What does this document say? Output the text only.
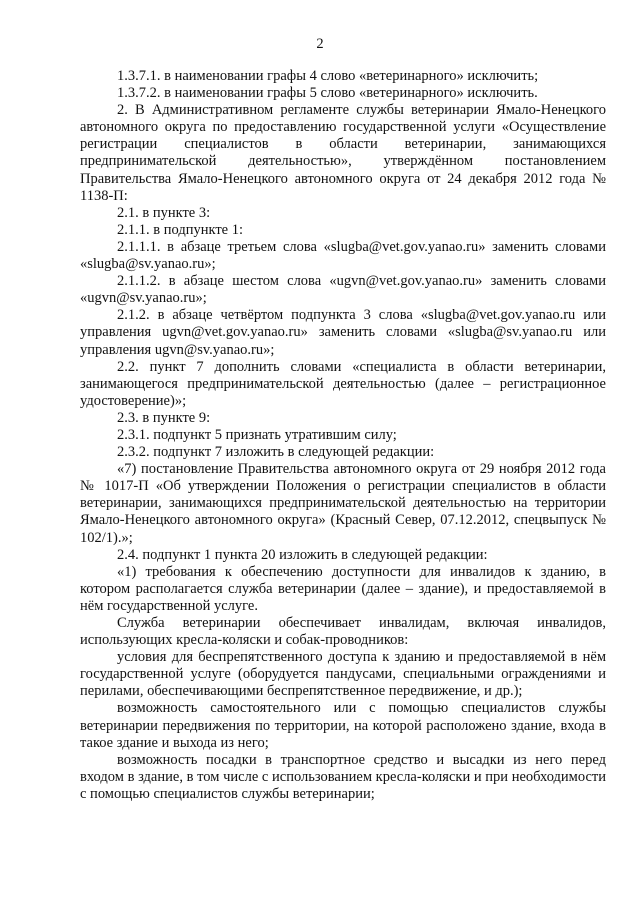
2

1.3.7.1. в наименовании графы 4 слово «ветеринарного» исключить;

1.3.7.2. в наименовании графы 5 слово «ветеринарного» исключить.

2. В Административном регламенте службы ветеринарии Ямало-Ненецкого автономного округа по предоставлению государственной услуги «Осуществление регистрации специалистов в области ветеринарии, занимающихся предпринимательской деятельностью», утверждённом постановлением Правительства Ямало-Ненецкого автономного округа от 24 декабря 2012 года № 1138-П:

2.1. в пункте 3:

2.1.1. в подпункте 1:

2.1.1.1. в абзаце третьем слова «slugba@vet.gov.yanao.ru» заменить словами «slugba@sv.yanao.ru»;

2.1.1.2. в абзаце шестом слова «ugvn@vet.gov.yanao.ru» заменить словами «ugvn@sv.yanao.ru»;

2.1.2. в абзаце четвёртом подпункта 3 слова «slugba@vet.gov.yanao.ru или управления ugvn@vet.gov.yanao.ru» заменить словами «slugba@sv.yanao.ru или управления ugvn@sv.yanao.ru»;

2.2. пункт 7 дополнить словами «специалиста в области ветеринарии, занимающегося предпринимательской деятельностью (далее – регистрационное удостоверение)»;

2.3. в пункте 9:

2.3.1. подпункт 5 признать утратившим силу;

2.3.2. подпункт 7 изложить в следующей редакции:

«7) постановление Правительства автономного округа от 29 ноября 2012 года № 1017-П «Об утверждении Положения о регистрации специалистов в области ветеринарии, занимающихся предпринимательской деятельностью на территории Ямало-Ненецкого автономного округа» (Красный Север, 07.12.2012, спецвыпуск № 102/1).»;

2.4. подпункт 1 пункта 20 изложить в следующей редакции:

«1) требования к обеспечению доступности для инвалидов к зданию, в котором располагается служба ветеринарии (далее – здание), и предоставляемой в нём государственной услуге.

Служба ветеринарии обеспечивает инвалидам, включая инвалидов, использующих кресла-коляски и собак-проводников:

условия для беспрепятственного доступа к зданию и предоставляемой в нём государственной услуге (оборудуется пандусами, специальными ограждениями и перилами, обеспечивающими беспрепятственное передвижение, и др.);

возможность самостоятельного или с помощью специалистов службы ветеринарии передвижения по территории, на которой расположено здание, входа в такое здание и выхода из него;

возможность посадки в транспортное средство и высадки из него перед входом в здание, в том числе с использованием кресла-коляски и при необходимости с помощью специалистов службы ветеринарии;
